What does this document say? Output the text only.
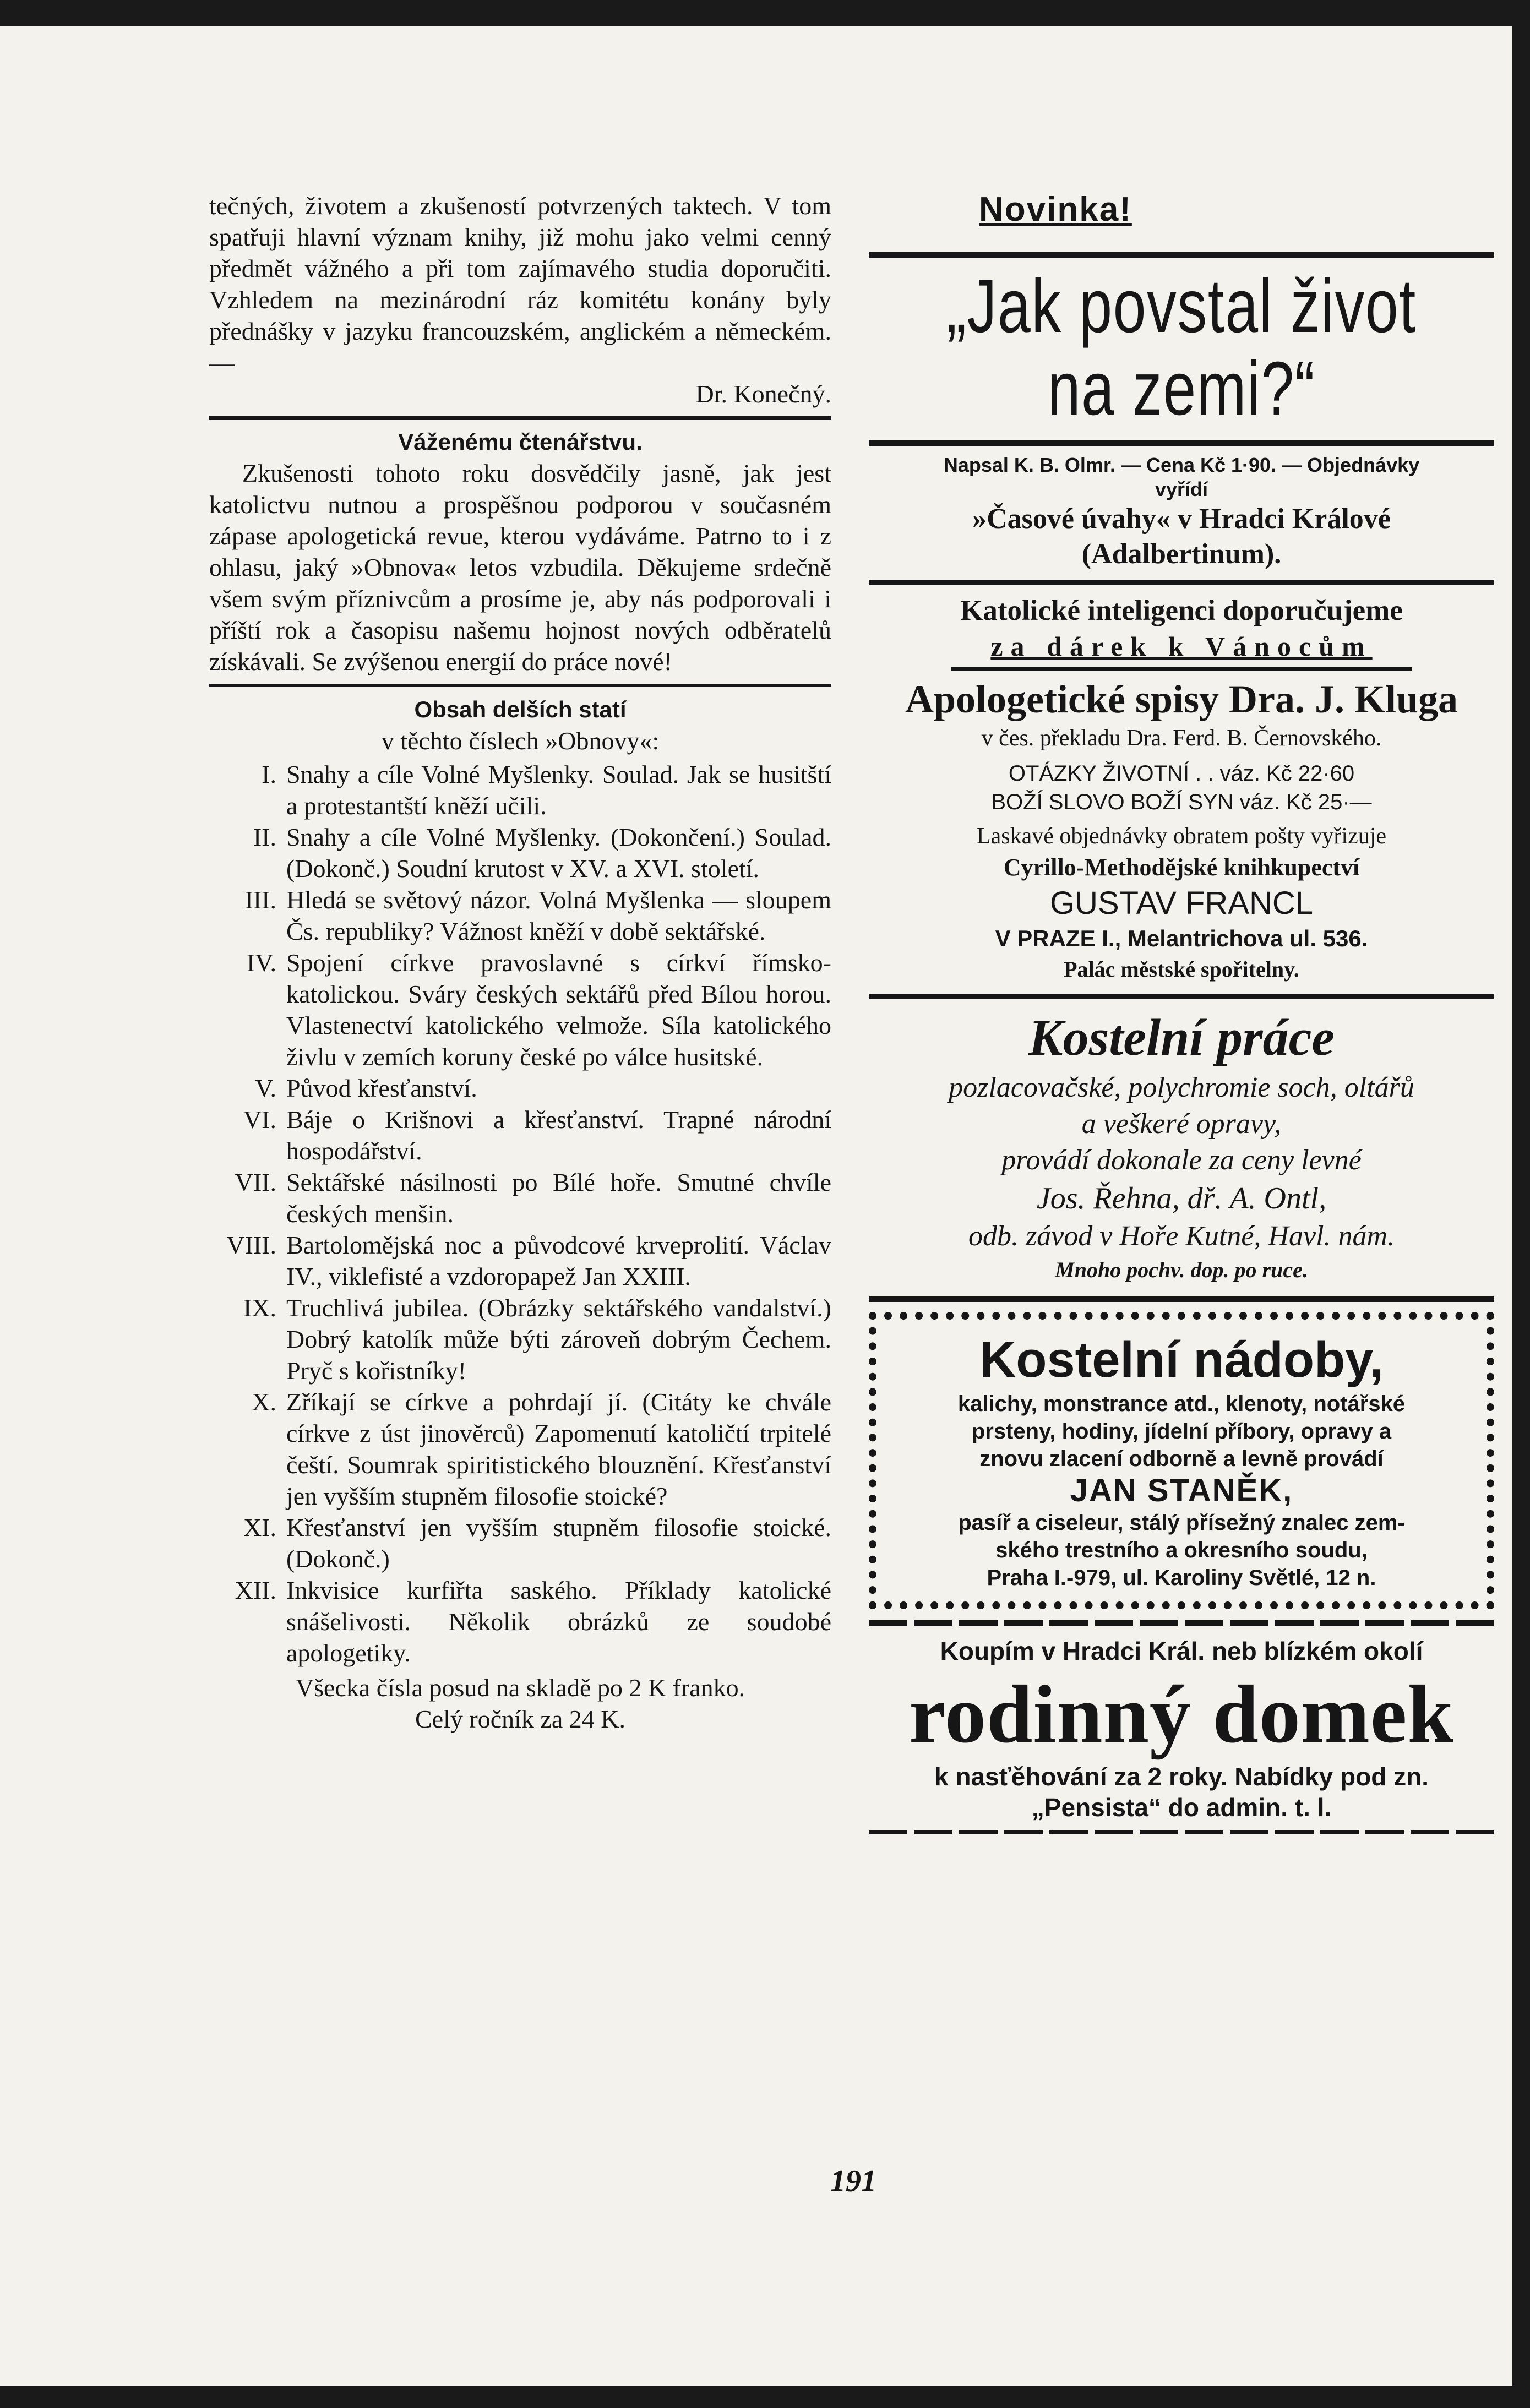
tečných, životem a zkušeností potvrzených taktech. V tom spatřuji hlavní význam knihy, již mohu jako velmi cenný předmět vážného a při tom zajímavého studia doporučiti. Vzhledem na mezinárodní ráz komitétu konány byly přednášky v jazyku francouzském, anglickém a německém. —
Dr. Konečný.
Váženému čtenářstvu.
Zkušenosti tohoto roku dosvědčily jasně, jak jest katolictvu nutnou a prospěšnou podporou v současném zápase apologetická revue, kterou vydáváme. Patrno to i z ohlasu, jaký »Obnova« letos vzbudila. Děkujeme srdečně všem svým příznivcům a prosíme je, aby nás podporovali i příští rok a časopisu našemu hojnost nových odběratelů získávali. Se zvýšenou energií do práce nové!
Obsah delších statí
v těchto číslech »Obnovy«:
I. Snahy a cíle Volné Myšlenky. Soulad. Jak se husitští a protestantští kněží učili.
II. Snahy a cíle Volné Myšlenky. (Dokončení.) Soulad. (Dokonč.) Soudní krutost v XV. a XVI. století.
III. Hledá se světový názor. Volná Myšlenka — sloupem Čs. republiky? Vážnost kněží v době sektářské.
IV. Spojení církve pravoslavné s církví římsko-katolickou. Sváry českých sektářů před Bílou horou. Vlastenectví katolického velmože. Síla katolického živlu v zemích koruny české po válce husitské.
V. Původ křesťanství.
VI. Báje o Krišnovi a křesťanství. Trapné národní hospodářství.
VII. Sektářské násilnosti po Bílé hoře. Smutné chvíle českých menšin.
VIII. Bartolomějská noc a původcové krveprolití. Václav IV., viklefisté a vzdoropapež Jan XXIII.
IX. Truchlivá jubilea. (Obrázky sektářského vandalství.) Dobrý katolík může býti zároveň dobrým Čechem. Pryč s kořistníky!
X. Zříkají se církve a pohrdají jí. (Citáty ke chvále církve z úst jinověrců) Zapomenutí katoličtí trpitelé čeští. Soumrak spiritistického blouznění. Křesťanství jen vyšším stupněm filosofie stoické?
XI. Křesťanství jen vyšším stupněm filosofie stoické. (Dokonč.)
XII. Inkvisice kurfiřta saského. Příklady katolické snášelivosti. Několik obrázků ze soudobé apologetiky.
Všecka čísla posud na skladě po 2 K franko.
Celý ročník za 24 K.
Novinka!
„Jak povstal život
na zemi?“
Napsal K. B. Olmr. — Cena Kč 1·90. — Objednávky
vyřídí
»Časové úvahy« v Hradci Králové
(Adalbertinum).
Katolické inteligenci doporučujeme
za dárek k Vánocům
Apologetické spisy Dra. J. Kluga
v čes. překladu Dra. Ferd. B. Černovského.
OTÁZKY ŽIVOTNÍ . . váz. Kč 22·60
BOŽÍ SLOVO BOŽÍ SYN váz. Kč 25·—
Laskavé objednávky obratem pošty vyřizuje
Cyrillo-Methodějské knihkupectví
GUSTAV FRANCL
V PRAZE I., Melantrichova ul. 536.
Palác městské spořitelny.
Kostelní práce
pozlacovačské, polychromie soch, oltářů
a veškeré opravy,
provádí dokonale za ceny levné
Jos. Řehna, dř. A. Ontl,
odb. závod v Hoře Kutné, Havl. nám.
Mnoho pochv. dop. po ruce.
Kostelní nádoby,
kalichy, monstrance atd., klenoty, notářské
prsteny, hodiny, jídelní příbory, opravy a
znovu zlacení odborně a levně provádí
JAN STANĚK,
pasíř a ciseleur, stálý přísežný znalec zem-
ského trestního a okresního soudu,
Praha I.-979, ul. Karoliny Světlé, 12 n.
Koupím v Hradci Král. neb blízkém okolí
rodinný domek
k nasťěhování za 2 roky. Nabídky pod zn.
„Pensista“ do admin. t. l.
191
